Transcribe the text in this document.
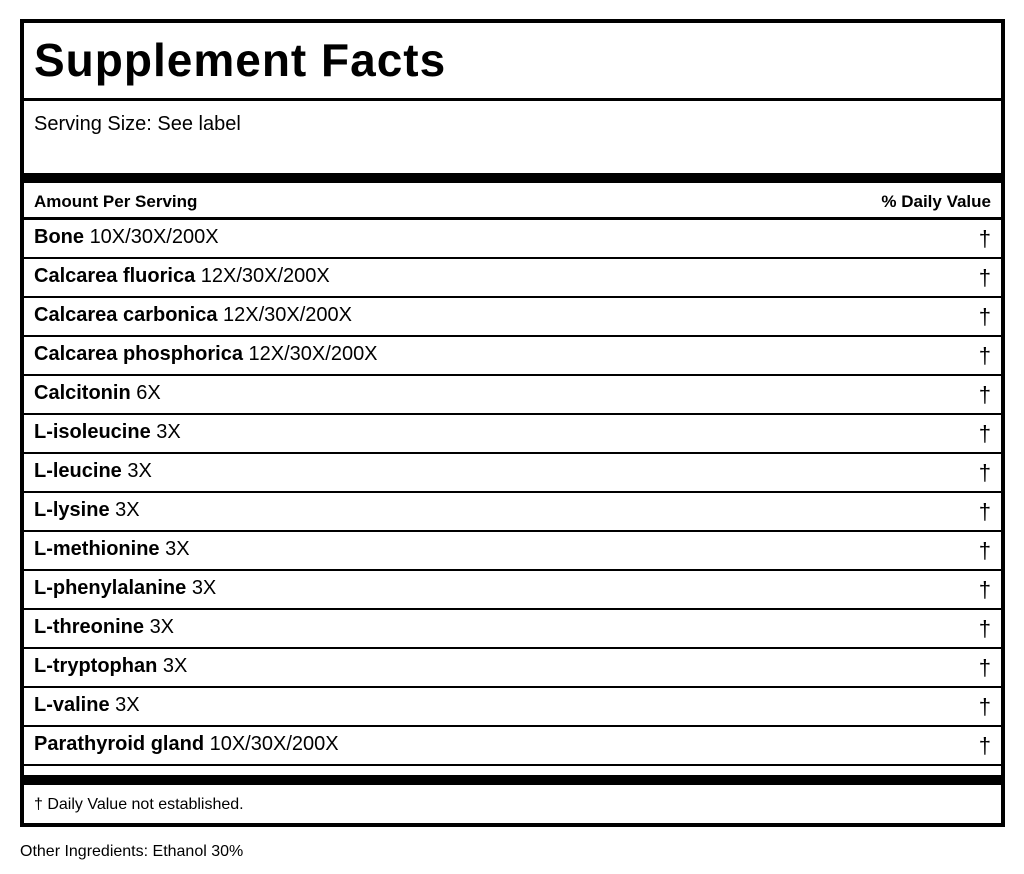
Supplement Facts
Serving Size: See label
Amount Per Serving	% Daily Value
Bone 10X/30X/200X	†
Calcarea fluorica 12X/30X/200X	†
Calcarea carbonica 12X/30X/200X	†
Calcarea phosphorica 12X/30X/200X	†
Calcitonin 6X	†
L-isoleucine 3X	†
L-leucine 3X	†
L-lysine 3X	†
L-methionine 3X	†
L-phenylalanine 3X	†
L-threonine 3X	†
L-tryptophan 3X	†
L-valine 3X	†
Parathyroid gland 10X/30X/200X	†
† Daily Value not established.
Other Ingredients: Ethanol 30%
